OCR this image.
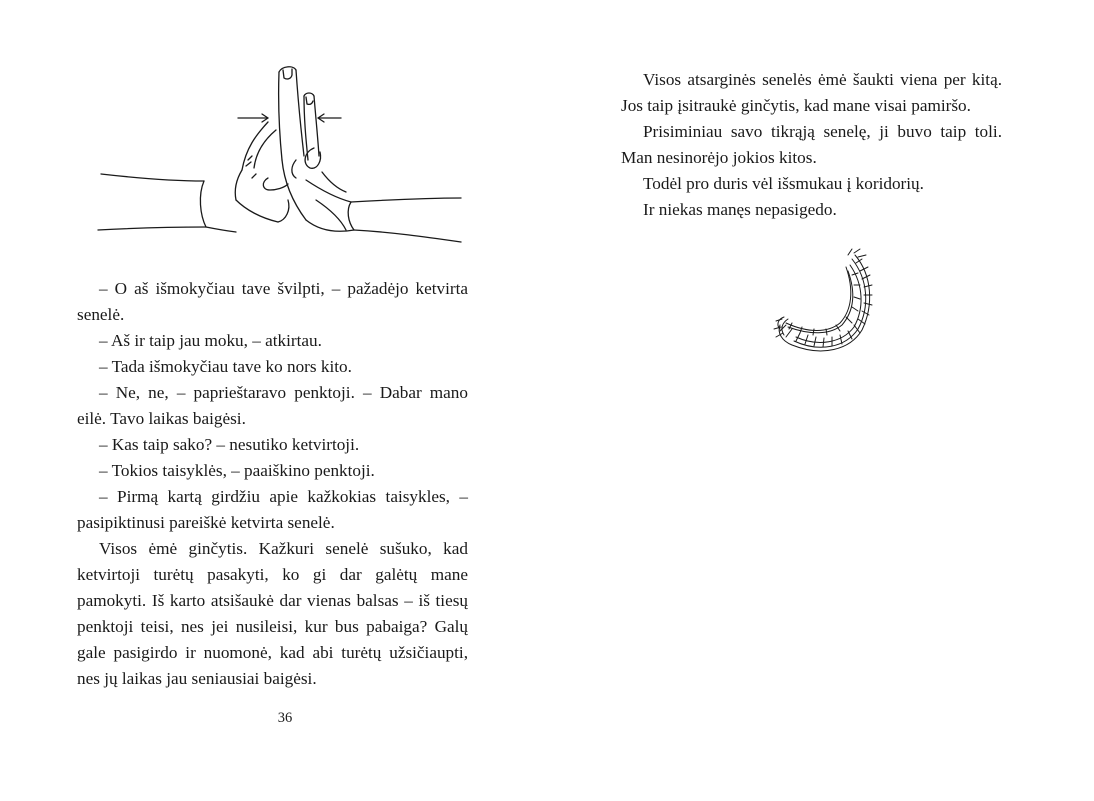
– O aš išmokyčiau tave švilpti, – pažadėjo ketvirta senelė.

– Aš ir taip jau moku, – atkirtau.

– Tada išmokyčiau tave ko nors kito.

– Ne, ne, – paprieštaravo penktoji. – Dabar mano eilė. Tavo laikas baigėsi.

– Kas taip sako? – nesutiko ketvirtoji.

– Tokios taisyklės, – paaiškino penktoji.

– Pirmą kartą girdžiu apie kažkokias taisykles, – pasipiktinusi pareiškė ketvirta senelė.

Visos ėmė ginčytis. Kažkuri senelė sušuko, kad ketvirtoji turėtų pasakyti, ko gi dar galėtų mane pamokyti. Iš karto atsišaukė dar vienas balsas – iš tiesų penktoji teisi, nes jei nusileisi, kur bus pabaiga? Galų gale pasigirdo ir nuomonė, kad abi turėtų užsičiaupti, nes jų laikas jau seniausiai baigėsi.

36

Visos atsarginės senelės ėmė šaukti viena per kitą. Jos taip įsitraukė ginčytis, kad mane visai pamiršo.

Prisiminiau savo tikrąją senelę, ji buvo taip toli. Man nesinorėjo jokios kitos.

Todėl pro duris vėl išsmukau į koridorių.

Ir niekas manęs nepasigedo.
